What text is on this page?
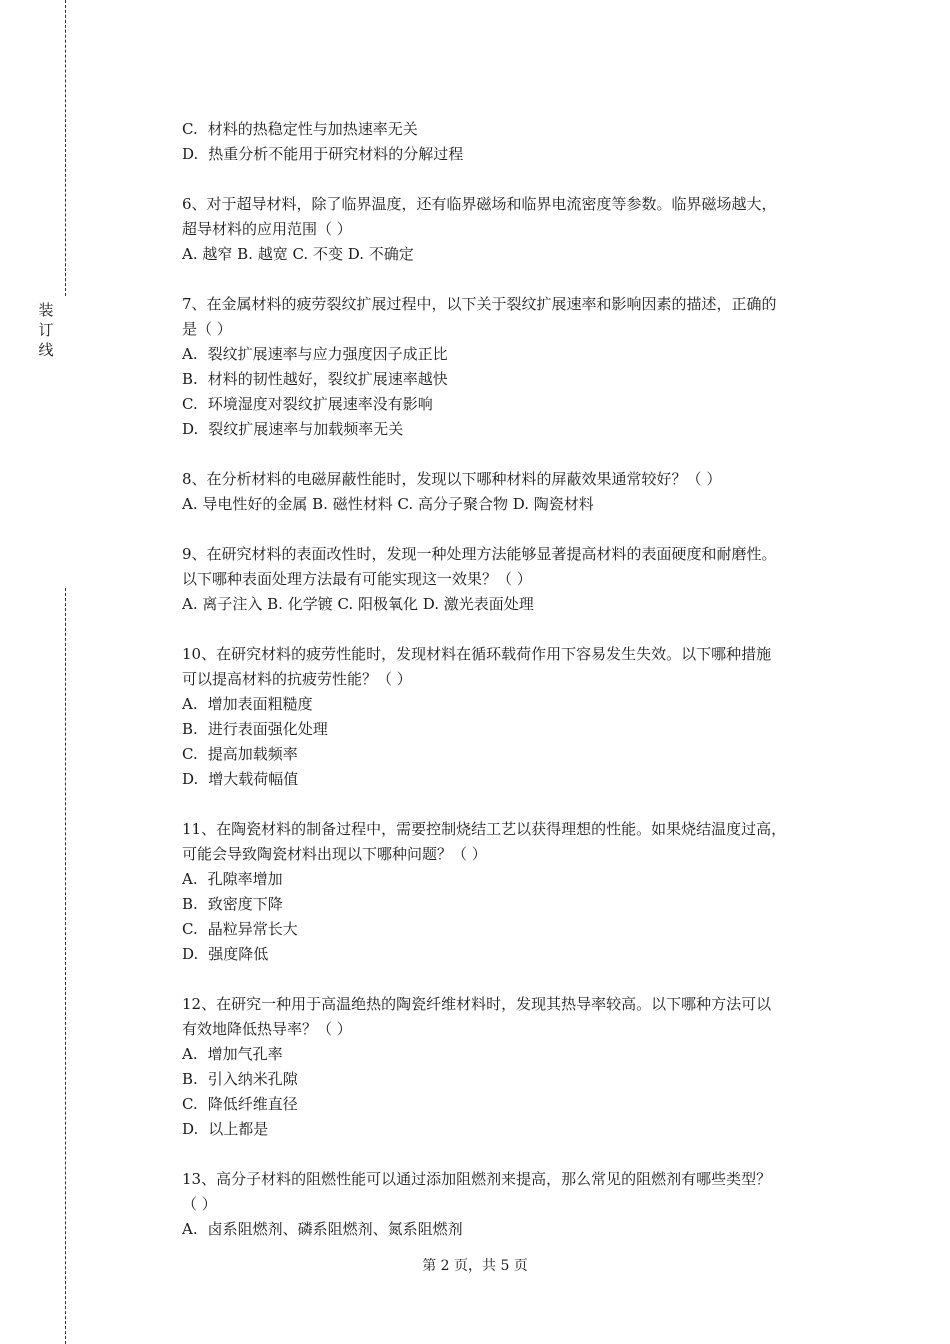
装
订
线
C. 材料的热稳定性与加热速率无关
D. 热重分析不能用于研究材料的分解过程
6、对于超导材料，除了临界温度，还有临界磁场和临界电流密度等参数。临界磁场越大，
超导材料的应用范围（ ）
A. 越窄 B. 越宽 C. 不变 D. 不确定
7、在金属材料的疲劳裂纹扩展过程中，以下关于裂纹扩展速率和影响因素的描述，正确的
是（ ）
A. 裂纹扩展速率与应力强度因子成正比
B. 材料的韧性越好，裂纹扩展速率越快
C. 环境湿度对裂纹扩展速率没有影响
D. 裂纹扩展速率与加载频率无关
8、在分析材料的电磁屏蔽性能时，发现以下哪种材料的屏蔽效果通常较好？（ ）
A. 导电性好的金属 B. 磁性材料 C. 高分子聚合物 D. 陶瓷材料
9、在研究材料的表面改性时，发现一种处理方法能够显著提高材料的表面硬度和耐磨性。
以下哪种表面处理方法最有可能实现这一效果？（ ）
A. 离子注入 B. 化学镀 C. 阳极氧化 D. 激光表面处理
10、在研究材料的疲劳性能时，发现材料在循环载荷作用下容易发生失效。以下哪种措施
可以提高材料的抗疲劳性能？（ ）
A. 增加表面粗糙度
B. 进行表面强化处理
C. 提高加载频率
D. 增大载荷幅值
11、在陶瓷材料的制备过程中，需要控制烧结工艺以获得理想的性能。如果烧结温度过高，
可能会导致陶瓷材料出现以下哪种问题？（ ）
A. 孔隙率增加
B. 致密度下降
C. 晶粒异常长大
D. 强度降低
12、在研究一种用于高温绝热的陶瓷纤维材料时，发现其热导率较高。以下哪种方法可以
有效地降低热导率？（ ）
A. 增加气孔率
B. 引入纳米孔隙
C. 降低纤维直径
D. 以上都是
13、高分子材料的阻燃性能可以通过添加阻燃剂来提高，那么常见的阻燃剂有哪些类型？
（ ）
A. 卤系阻燃剂、磷系阻燃剂、氮系阻燃剂
第 2 页，共 5 页
